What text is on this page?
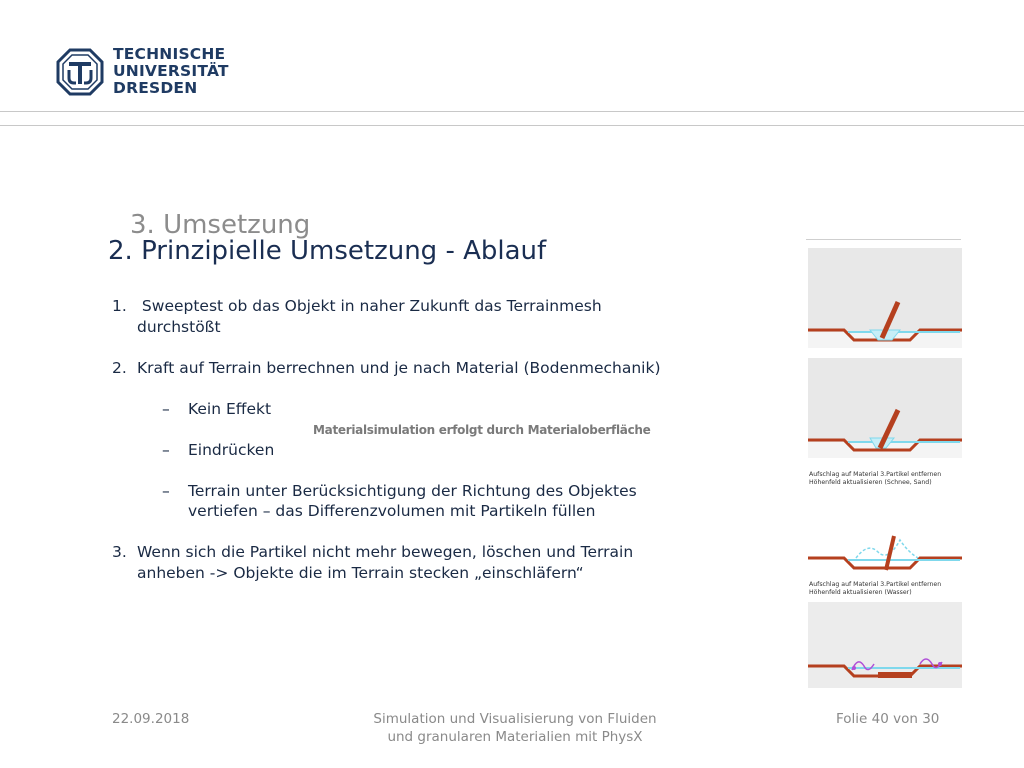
TECHNISCHE
UNIVERSITÄT
DRESDEN
3. Umsetzung
2. Prinzipielle Umsetzung - Ablauf
1. Sweeptest ob das Objekt in naher Zukunft das Terrainmesh
durchstößt
2. Kraft auf Terrain berrechnen und je nach Material (Bodenmechanik)
– Kein Effekt
– Eindrücken
– Terrain unter Berücksichtigung der Richtung des Objektes
vertiefen – das Differenzvolumen mit Partikeln füllen
3. Wenn sich die Partikel nicht mehr bewegen, löschen und Terrain
anheben -> Objekte die im Terrain stecken „einschläfern“
Materialsimulation erfolgt durch Materialoberfläche
Aufschlag auf Material 3.Partikel entfernen
Höhenfeld aktualisieren (Schnee, Sand)
Aufschlag auf Material 3.Partikel entfernen
Höhenfeld aktualisieren (Wasser)
22.09.2018	Simulation und Visualisierung von Fluiden
und granularen Materialien mit PhysX
Folie 40 von 30
